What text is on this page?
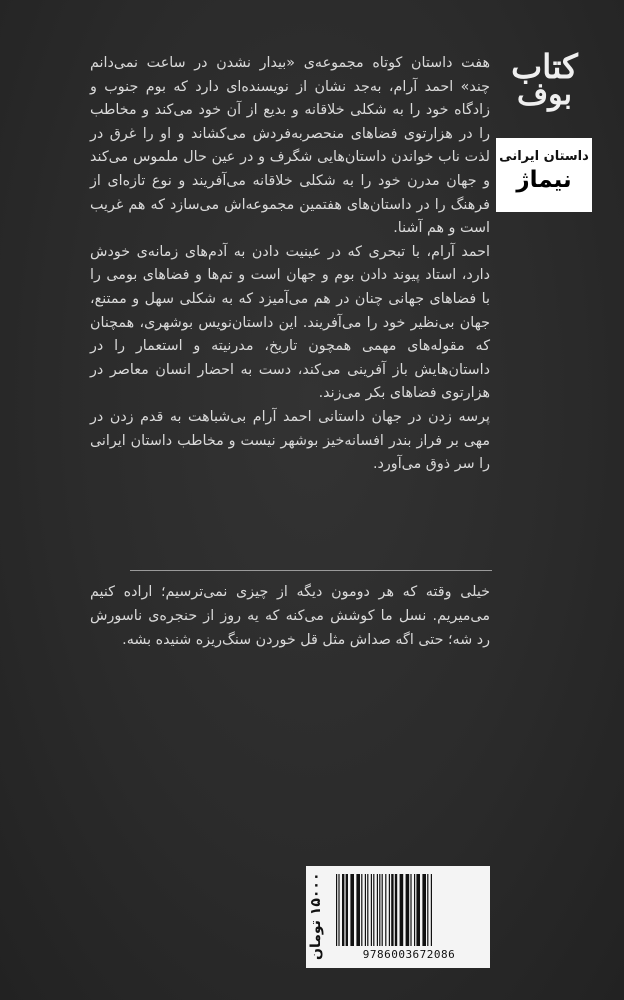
هفت داستان کوتاه مجموعه‌ی «بیدار نشدن در ساعت نمی‌دانم چند» احمد آرام، به‌جد نشان از نویسنده‌ای دارد که بوم جنوب و زادگاه خود را به شکلی خلاقانه و بدیع از آن خود می‌کند و مخاطب را در هزارتوی فضاهای منحصربه‌فردش می‌کشاند و او را غرق در لذت ناب خواندن داستان‌هایی شگرف و در عین حال ملموس می‌کند و جهان مدرن خود را به شکلی خلاقانه می‌آفریند و نوع تازه‌ای از فرهنگ را در داستان‌های هفتمین مجموعه‌اش می‌سازد که هم غریب است و هم آشنا.

احمد آرام، با تبحری که در عینیت دادن به آدم‌های زمانه‌ی خودش دارد، استاد پیوند دادن بوم و جهان است و تم‌ها و فضاهای بومی را با فضاهای جهانی چنان در هم می‌آمیزد که به شکلی سهل و ممتنع، جهان بی‌نظیر خود را می‌آفریند. این داستان‌نویس بوشهری، همچنان که مقوله‌های مهمی همچون تاریخ، مدرنیته و استعمار را در داستان‌هایش باز آفرینی می‌کند، دست به احضار انسان معاصر در هزارتوی فضاهای بکر می‌زند.

پرسه زدن در جهان داستانی احمد آرام بی‌شباهت به قدم زدن در مهی بر فراز بندر افسانه‌خیز بوشهر نیست و مخاطب داستان ایرانی را سر ذوق می‌آورد.

خیلی وقته که هر دومون دیگه از چیزی نمی‌ترسیم؛ اراده کنیم می‌میریم. نسل ما کوشش می‌کنه که یه روز از حنجره‌ی ناسورش رد شه؛ حتی اگه صداش مثل قل خوردن سنگ‌ریزه شنیده بشه.

کتاب
بوف
داستان ایرانی
نیماژ
۱۵۰۰۰ تومان
9786003672086
